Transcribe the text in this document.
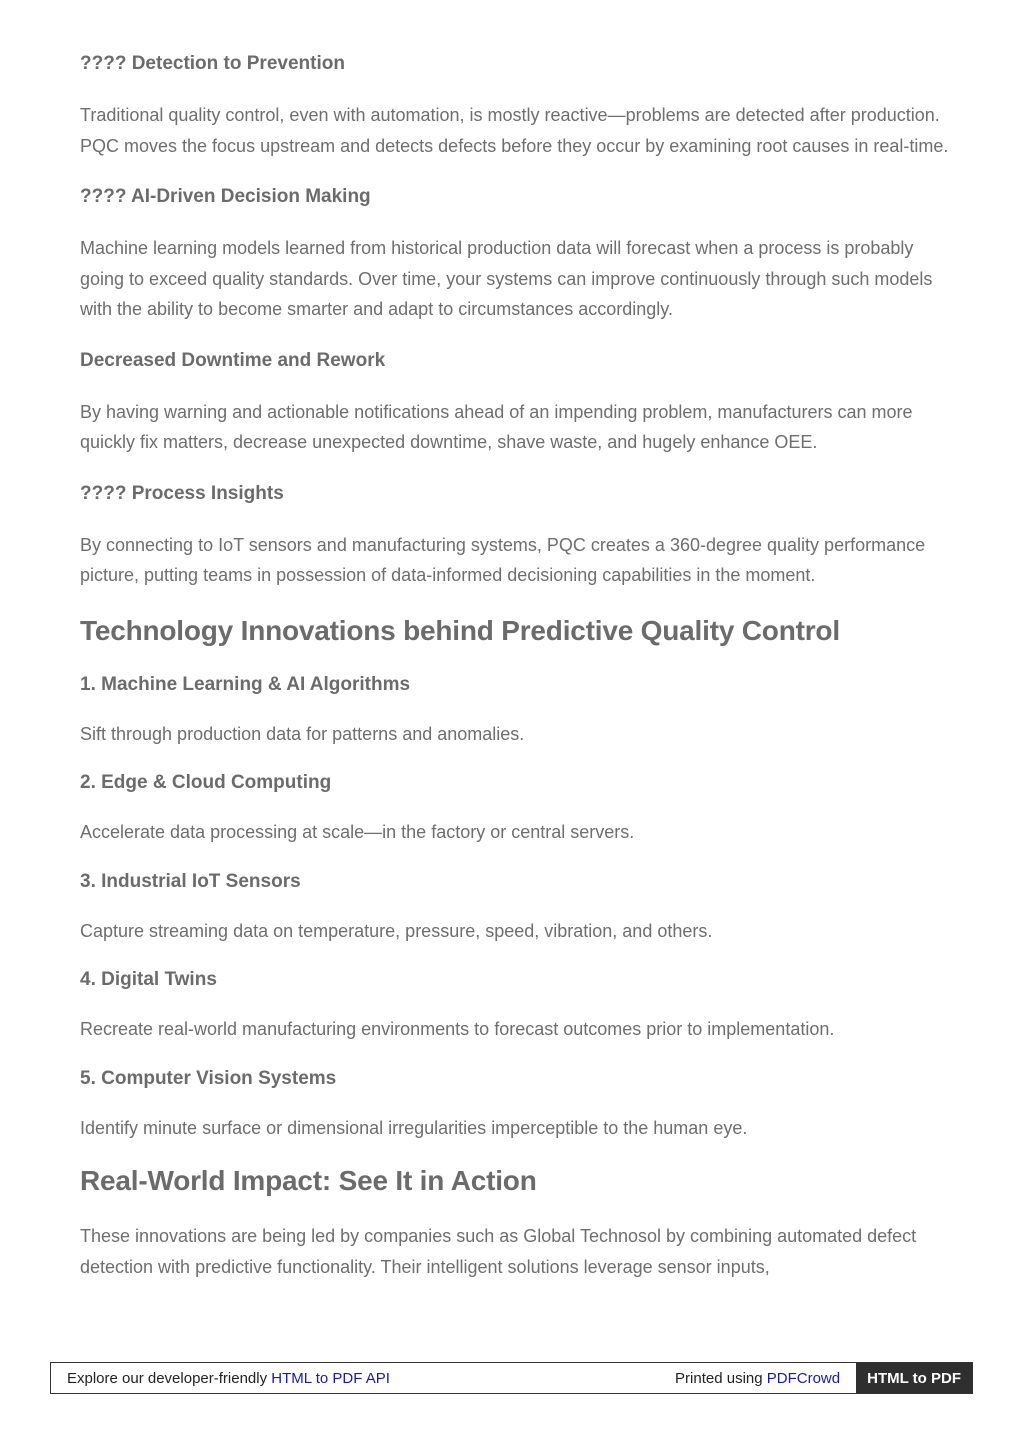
???? Detection to Prevention

Traditional quality control, even with automation, is mostly reactive—problems are detected after production. PQC moves the focus upstream and detects defects before they occur by examining root causes in real-time.

???? AI-Driven Decision Making

Machine learning models learned from historical production data will forecast when a process is probably going to exceed quality standards. Over time, your systems can improve continuously through such models with the ability to become smarter and adapt to circumstances accordingly.

Decreased Downtime and Rework

By having warning and actionable notifications ahead of an impending problem, manufacturers can more quickly fix matters, decrease unexpected downtime, shave waste, and hugely enhance OEE.

???? Process Insights

By connecting to IoT sensors and manufacturing systems, PQC creates a 360-degree quality performance picture, putting teams in possession of data-informed decisioning capabilities in the moment.

Technology Innovations behind Predictive Quality Control
1. Machine Learning & AI Algorithms

Sift through production data for patterns and anomalies.

2. Edge & Cloud Computing

Accelerate data processing at scale—in the factory or central servers.

3. Industrial IoT Sensors

Capture streaming data on temperature, pressure, speed, vibration, and others.

4. Digital Twins

Recreate real-world manufacturing environments to forecast outcomes prior to implementation.

5. Computer Vision Systems

Identify minute surface or dimensional irregularities imperceptible to the human eye.

Real-World Impact: See It in Action

These innovations are being led by companies such as Global Technosol by combining automated defect detection with predictive functionality. Their intelligent solutions leverage sensor inputs,

Explore our developer-friendly HTML to PDF API	Printed using PDFCrowd	HTML to PDF
